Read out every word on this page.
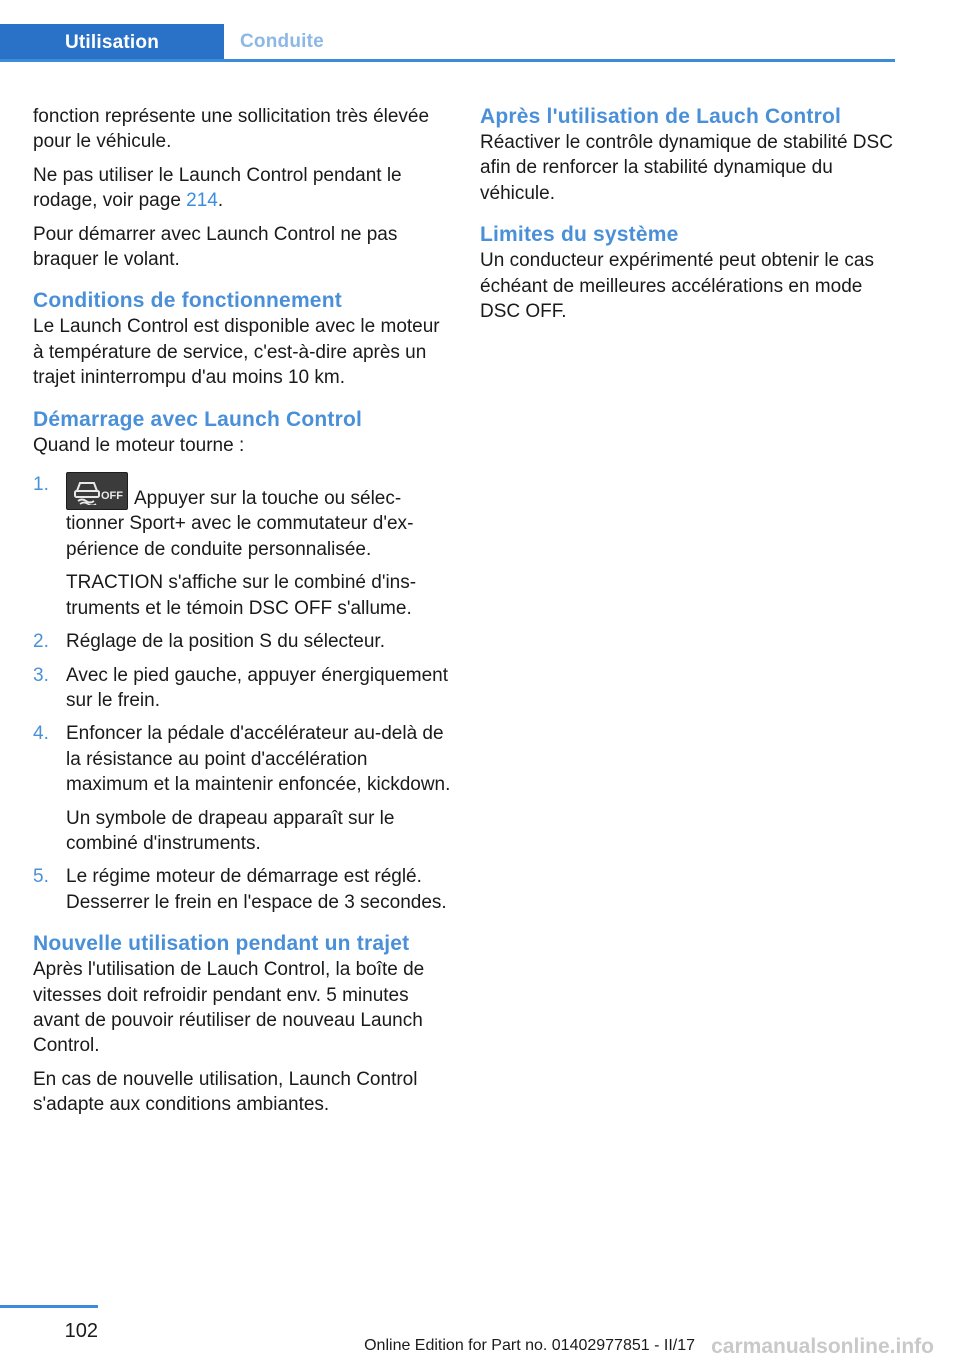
Utilisation	Conduite

fonction représente une sollicitation très élevée pour le véhicule.

Ne pas utiliser le Launch Control pendant le rodage, voir page 214.

Pour démarrer avec Launch Control ne pas braquer le volant.

Conditions de fonctionnement

Le Launch Control est disponible avec le moteur à température de service, c'est-à-dire après un trajet ininterrompu d'au moins 10 km.

Démarrage avec Launch Control

Quand le moteur tourne :

1.

OFF Appuyer sur la touche ou sélectionner Sport+ avec le commutateur d'expérience de conduite personnalisée.

TRACTION s'affiche sur le combiné d'instruments et le témoin DSC OFF s'allume.

2. Réglage de la position S du sélecteur.

3. Avec le pied gauche, appuyer énergiquement sur le frein.

4. Enfoncer la pédale d'accélérateur au-delà de la résistance au point d'accélération maximum et la maintenir enfoncée, kickdown.

Un symbole de drapeau apparaît sur le combiné d'instruments.

5. Le régime moteur de démarrage est réglé. Desserrer le frein en l'espace de 3 secondes.

Nouvelle utilisation pendant un trajet

Après l'utilisation de Lauch Control, la boîte de vitesses doit refroidir pendant env. 5 minutes avant de pouvoir réutiliser de nouveau Launch Control.

En cas de nouvelle utilisation, Launch Control s'adapte aux conditions ambiantes.

Après l'utilisation de Lauch Control

Réactiver le contrôle dynamique de stabilité DSC afin de renforcer la stabilité dynamique du véhicule.

Limites du système

Un conducteur expérimenté peut obtenir le cas échéant de meilleures accélérations en mode DSC OFF.

102
Online Edition for Part no. 01402977851 - II/17 carmanualsonline.info
